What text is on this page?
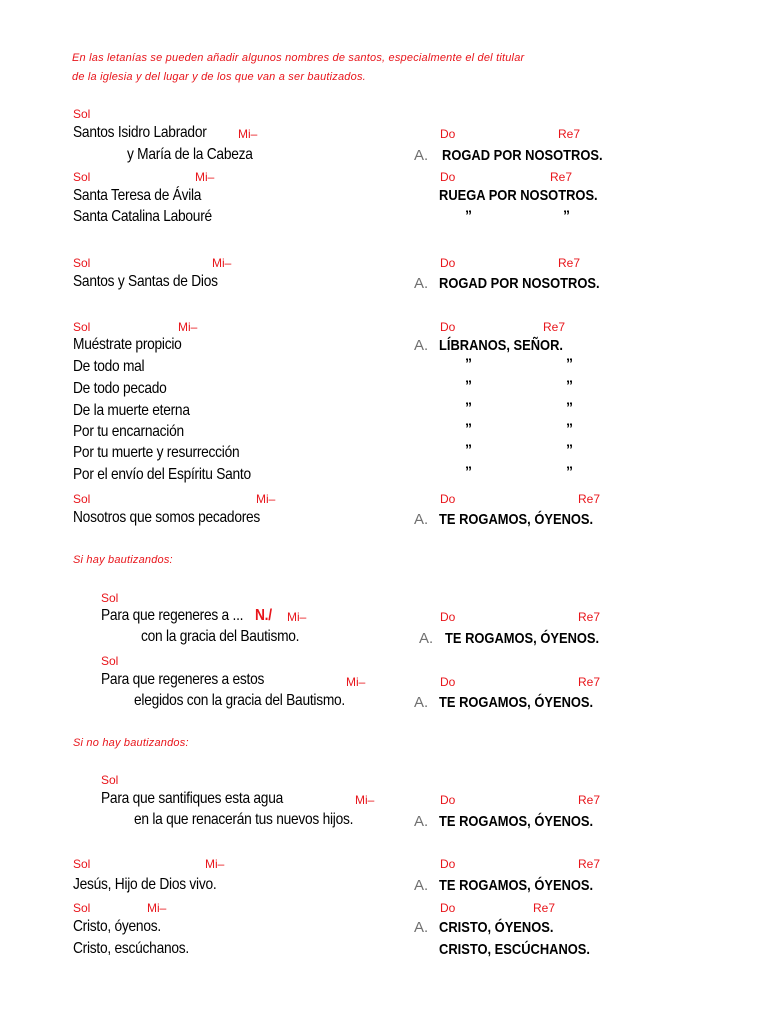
En las letanías se pueden añadir algunos nombres de santos, especialmente el del titular
de la iglesia y del lugar y de los que van a ser bautizados.
Sol
Santos Isidro Labrador	Mi–	Do	Re7
y María de la Cabeza	A. ROGAD POR NOSOTROS.
Sol	Mi–	Do	Re7
Santa Teresa de Ávila	RUEGA POR NOSOTROS.
Santa Catalina Labouré	”	”
Sol	Mi–	Do	Re7
Santos y Santas de Dios	A. ROGAD POR NOSOTROS.
Sol	Mi–	Do	Re7
Muéstrate propicio	A. LÍBRANOS, SEÑOR.
De todo mal	”	”
De todo pecado	”	”
De la muerte eterna	”	”
Por tu encarnación	”	”
Por tu muerte y resurrección	”	”
Por el envío del Espíritu Santo	”	”
Sol	Mi–	Do	Re7
Nosotros que somos pecadores	A. TE ROGAMOS, ÓYENOS.
Si hay bautizandos:
Sol
Para que regeneres a ... N./ Mi–	Do	Re7
con la gracia del Bautismo.	A. TE ROGAMOS, ÓYENOS.
Sol
Para que regeneres a estos	Mi–	Do	Re7
elegidos con la gracia del Bautismo.	A. TE ROGAMOS, ÓYENOS.
Si no hay bautizandos:
Sol
Para que santifiques esta agua	Mi–	Do	Re7
en la que renacerán tus nuevos hijos.	A. TE ROGAMOS, ÓYENOS.
Sol	Mi–	Do	Re7
Jesús, Hijo de Dios vivo.	A. TE ROGAMOS, ÓYENOS.
Sol	Mi–	Do	Re7
Cristo, óyenos.	A. CRISTO, ÓYENOS.
Cristo, escúchanos.	CRISTO, ESCÚCHANOS.
